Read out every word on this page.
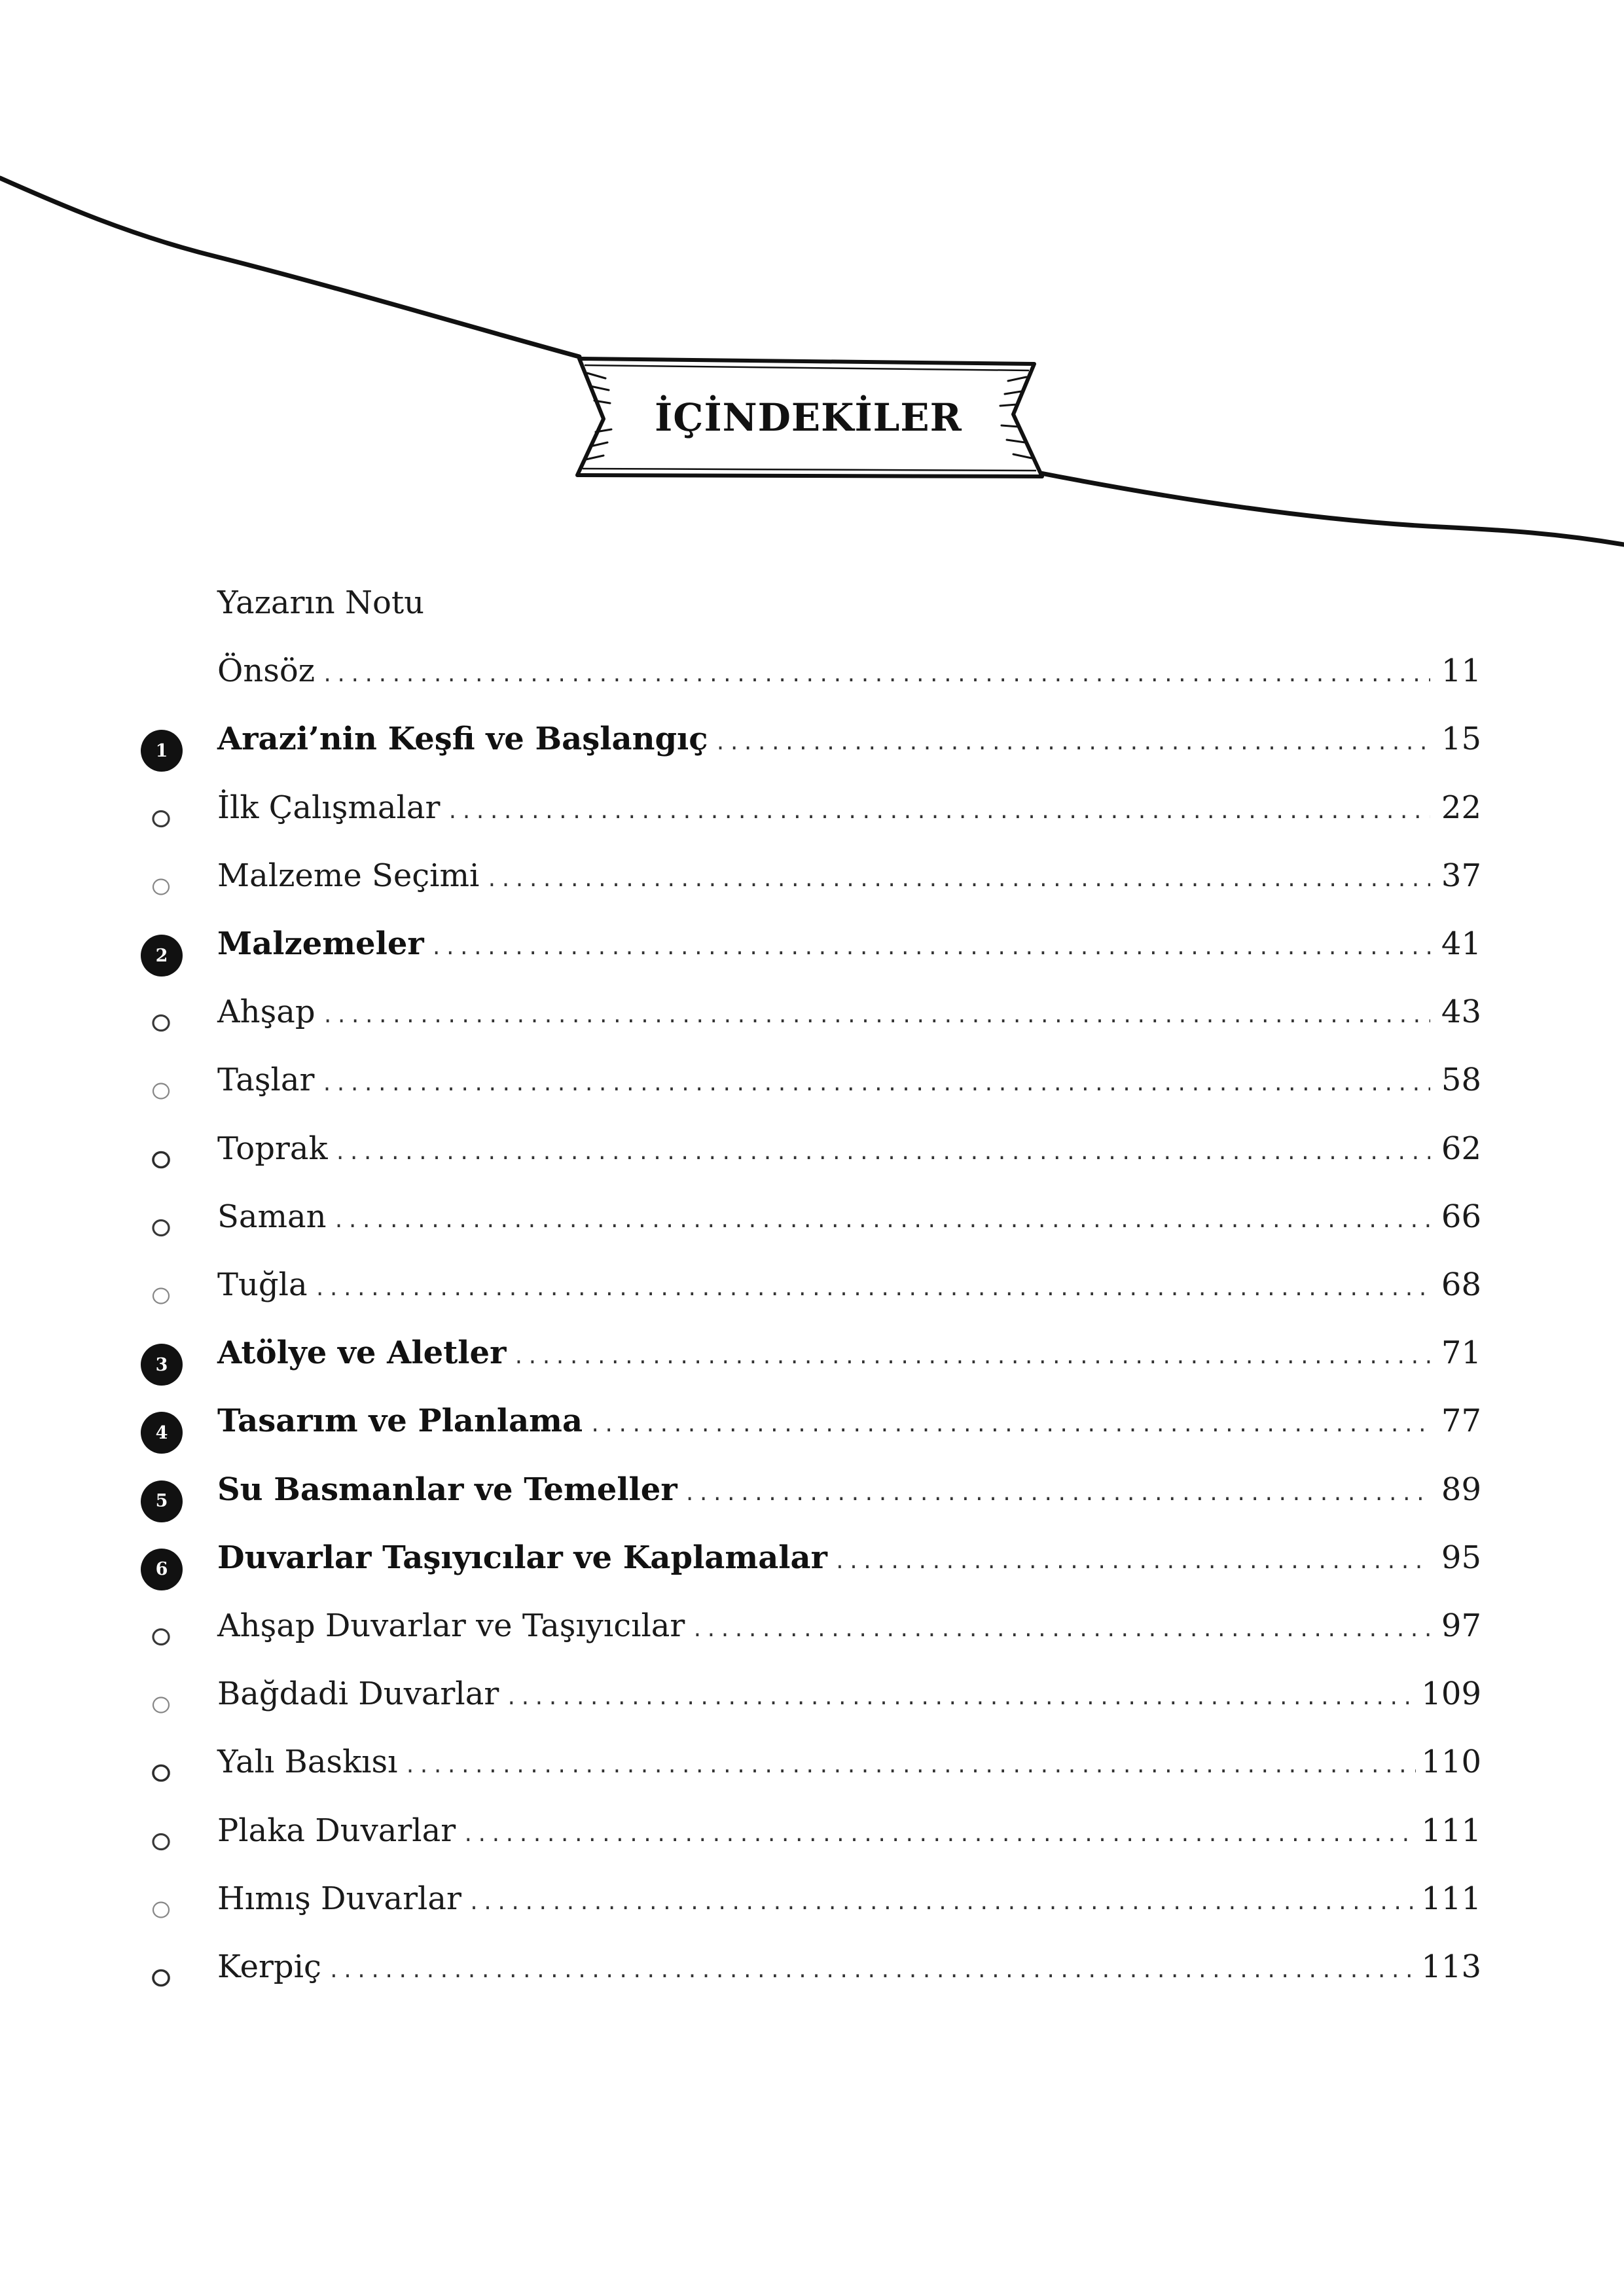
İÇİNDEKİLER
Yazarın Notu
Önsöz .....	11
1	Arazi’nin Keşfi ve Başlangıç .....	15
İlk Çalışmalar .....	22
Malzeme Seçimi .....	37
2	Malzemeler .....	41
Ahşap .....	43
Taşlar .....	58
Toprak .....	62
Saman .....	66
Tuğla .....	68
3	Atölye ve Aletler .....	71
4	Tasarım ve Planlama .....	77
5	Su Basmanlar ve Temeller .....	89
6	Duvarlar Taşıyıcılar ve Kaplamalar .....	95
Ahşap Duvarlar ve Taşıyıcılar .....	97
Bağdadi Duvarlar .....	109
Yalı Baskısı .....	110
Plaka Duvarlar .....	111
Hımış Duvarlar .....	111
Kerpiç .....	113
